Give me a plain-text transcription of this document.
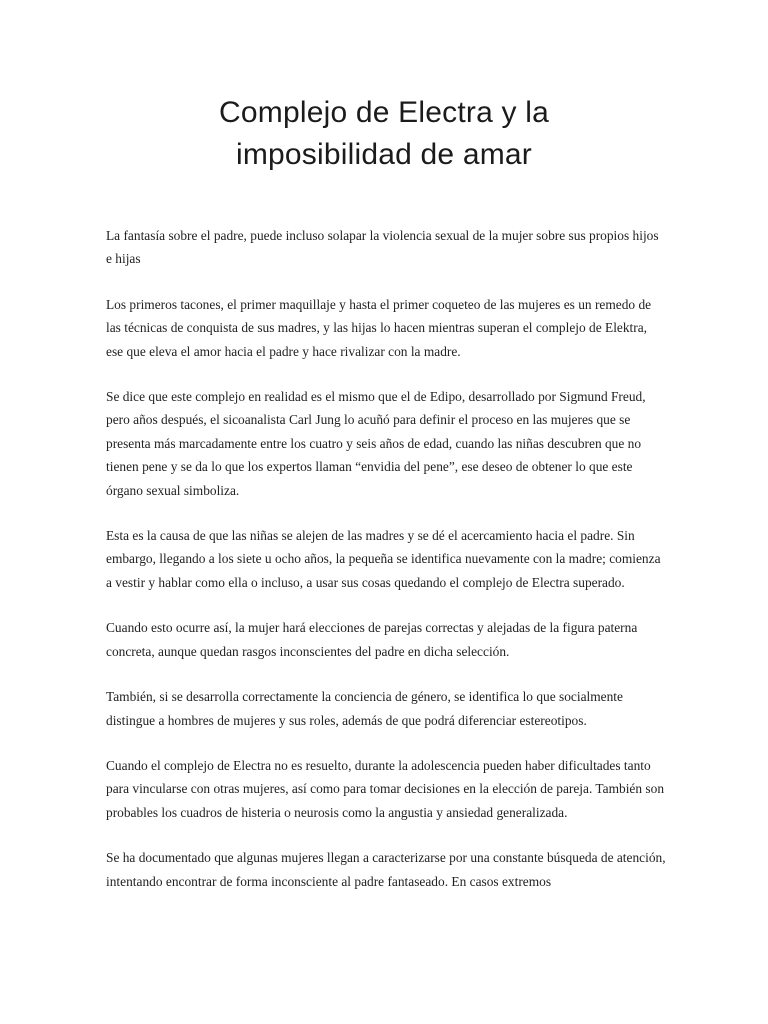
Complejo de Electra y la
imposibilidad de amar

La fantasía sobre el padre, puede incluso solapar la violencia sexual de la mujer sobre sus propios hijos e hijas

Los primeros tacones, el primer maquillaje y hasta el primer coqueteo de las mujeres es un remedo de las técnicas de conquista de sus madres, y las hijas lo hacen mientras superan el complejo de Elektra, ese que eleva el amor hacia el padre y hace rivalizar con la madre.

Se dice que este complejo en realidad es el mismo que el de Edipo, desarrollado por Sigmund Freud, pero años después, el sicoanalista Carl Jung lo acuñó para definir el proceso en las mujeres que se presenta más marcadamente entre los cuatro y seis años de edad, cuando las niñas descubren que no tienen pene y se da lo que los expertos llaman “envidia del pene”, ese deseo de obtener lo que este órgano sexual simboliza.

Esta es la causa de que las niñas se alejen de las madres y se dé el acercamiento hacia el padre. Sin embargo, llegando a los siete u ocho años, la pequeña se identifica nuevamente con la madre; comienza a vestir y hablar como ella o incluso, a usar sus cosas quedando el complejo de Electra superado.

Cuando esto ocurre así, la mujer hará elecciones de parejas correctas y alejadas de la figura paterna concreta, aunque quedan rasgos inconscientes del padre en dicha selección.

También, si se desarrolla correctamente la conciencia de género, se identifica lo que socialmente distingue a hombres de mujeres y sus roles, además de que podrá diferenciar estereotipos.

Cuando el complejo de Electra no es resuelto, durante la adolescencia pueden haber dificultades tanto para vincularse con otras mujeres, así como para tomar decisiones en la elección de pareja. También son probables los cuadros de histeria o neurosis como la angustia y ansiedad generalizada.

Se ha documentado que algunas mujeres llegan a caracterizarse por una constante búsqueda de atención, intentando encontrar de forma inconsciente al padre fantaseado. En casos extremos
